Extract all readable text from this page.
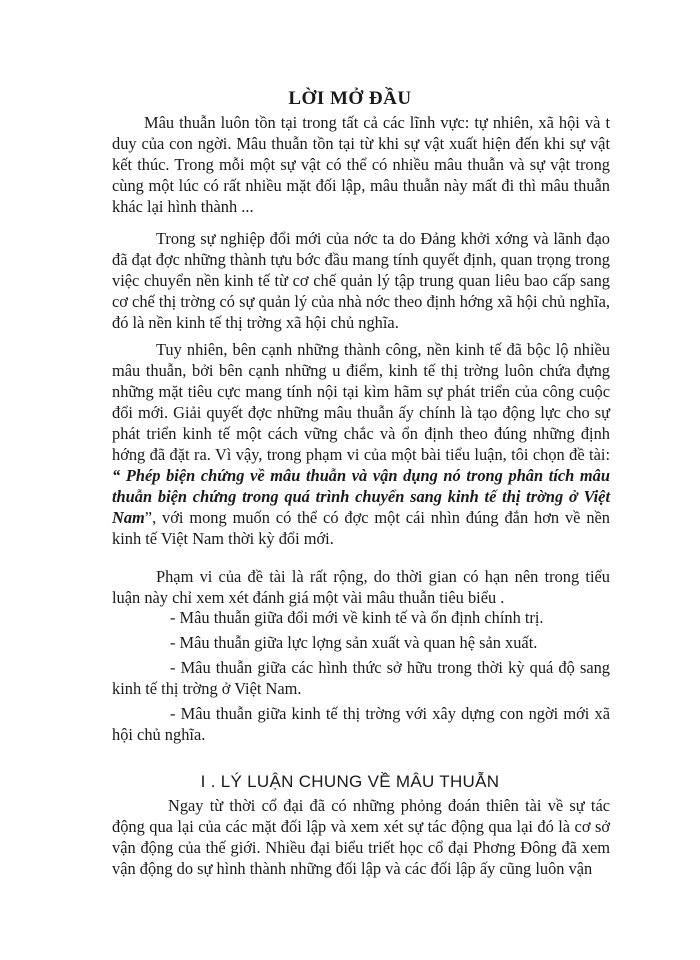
LỜI MỞ ĐẦU

Mâu thuẫn luôn tồn tại trong tất cả các lĩnh vực: tự nhiên, xã hội và t duy của con ngời. Mâu thuẫn tồn tại từ khi sự vật xuất hiện đến khi sự vật kết thúc. Trong mỗi một sự vật có thể có nhiều mâu thuẫn và sự vật trong cùng một lúc có rất nhiều mặt đối lập, mâu thuẫn này mất đi thì mâu thuẫn khác lại hình thành ...

Trong sự nghiệp đổi mới của nớc ta do Đảng khởi xớng và lãnh đạo đã đạt đợc những thành tựu bớc đầu mang tính quyết định, quan trọng trong việc chuyển nền kinh tế từ cơ chế quản lý tập trung quan liêu bao cấp sang cơ chế thị trờng có sự quản lý của nhà nớc theo định hớng xã hội chủ nghĩa, đó là nền kinh tế thị trờng xã hội chủ nghĩa.

Tuy nhiên, bên cạnh những thành công, nền kinh tế đã bộc lộ nhiều mâu thuẫn, bởi bên cạnh những u điểm, kinh tế thị trờng luôn chứa đựng những mặt tiêu cực mang tính nội tại kìm hãm sự phát triển của công cuộc đổi mới. Giải quyết đợc những mâu thuẫn ấy chính là tạo động lực cho sự phát triển kinh tế một cách vững chắc và ổn định theo đúng những định hớng đã đặt ra. Vì vậy, trong phạm vi của một bài tiểu luận, tôi chọn đề tài: “ Phép biện chứng về mâu thuẫn và vận dụng nó trong phân tích mâu thuẫn biện chứng trong quá trình chuyển sang kinh tế thị trờng ở Việt Nam”, với mong muốn có thể có đợc một cái nhìn đúng đắn hơn về nền kinh tế Việt Nam thời kỳ đổi mới.

Phạm vi của đề tài là rất rộng, do thời gian có hạn nên trong tiểu luận này chỉ xem xét đánh giá một vài mâu thuẫn tiêu biểu .

- Mâu thuẫn giữa đổi mới về kinh tế và ổn định chính trị.

- Mâu thuẫn giữa lực lợng sản xuất và quan hệ sản xuất.

- Mâu thuẫn giữa các hình thức sở hữu trong thời kỳ quá độ sang kinh tế thị trờng ở Việt Nam.

- Mâu thuẫn giữa kinh tế thị trờng với xây dựng con ngời mới xã hội chủ nghĩa.

I . LÝ LUẬN CHUNG VỀ MÂU THUẪN

Ngay từ thời cổ đại đã có những phỏng đoán thiên tài về sự tác động qua lại của các mặt đối lập và xem xét sự tác động qua lại đó là cơ sở vận động của thế giới. Nhiều đại biểu triết học cổ đại Phơng Đông đã xem vận động do sự hình thành những đối lập và các đối lập ấy cũng luôn vận
